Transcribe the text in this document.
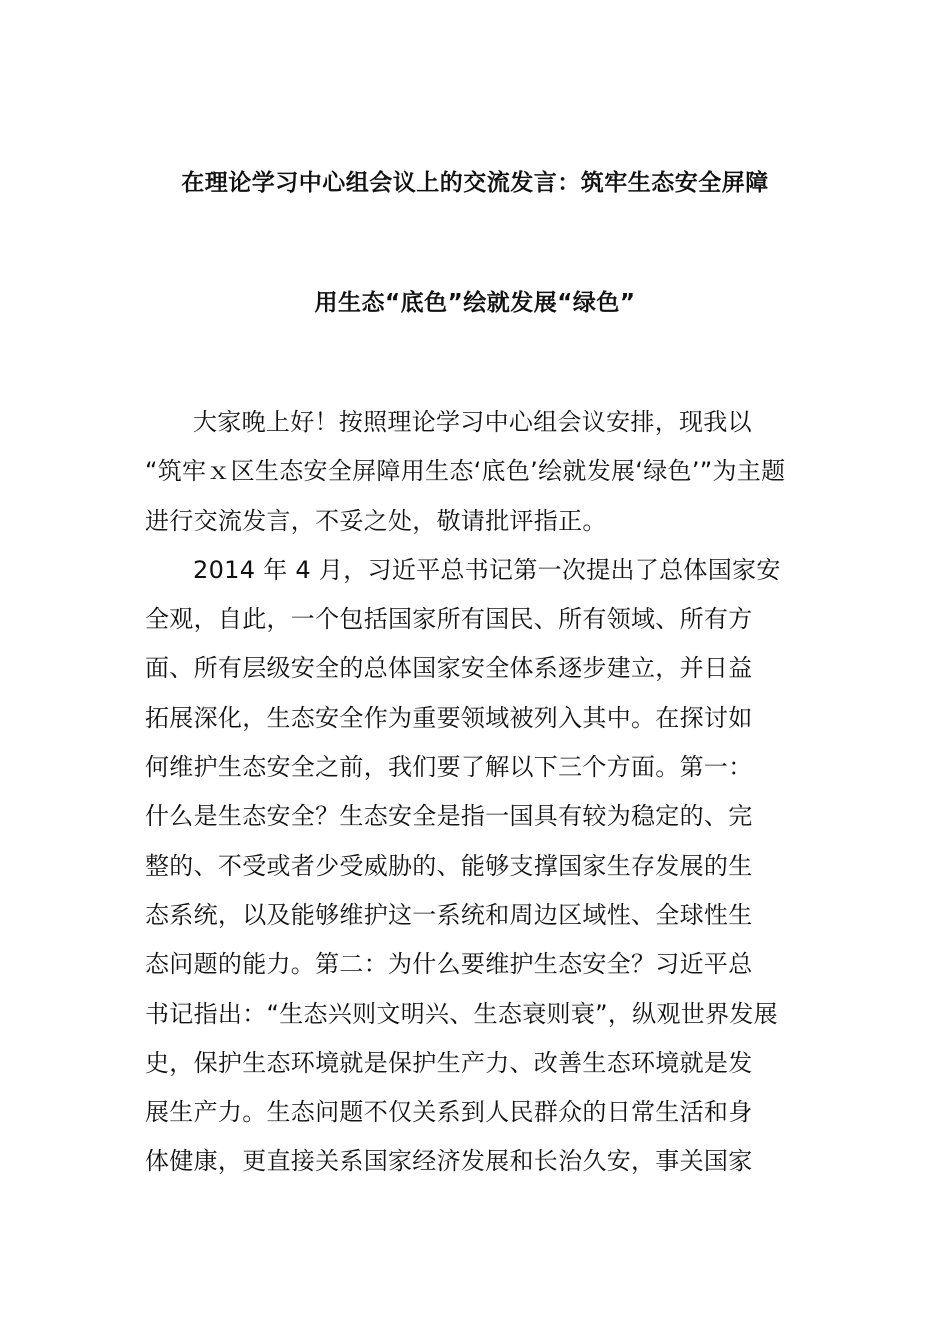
在理论学习中心组会议上的交流发言：筑牢生态安全屏障
用生态“底色”绘就发展“绿色”
大家晚上好！按照理论学习中心组会议安排，现我以
“筑牢ｘ区生态安全屏障用生态‘底色’绘就发展‘绿色’”为主题
进行交流发言，不妥之处，敬请批评指正。
2014 年 4 月，习近平总书记第一次提出了总体国家安
全观，自此，一个包括国家所有国民、所有领域、所有方
面、所有层级安全的总体国家安全体系逐步建立，并日益
拓展深化，生态安全作为重要领域被列入其中。在探讨如
何维护生态安全之前，我们要了解以下三个方面。第一：
什么是生态安全？生态安全是指一国具有较为稳定的、完
整的、不受或者少受威胁的、能够支撑国家生存发展的生
态系统，以及能够维护这一系统和周边区域性、全球性生
态问题的能力。第二：为什么要维护生态安全？习近平总
书记指出：“生态兴则文明兴、生态衰则衰”，纵观世界发展
史，保护生态环境就是保护生产力、改善生态环境就是发
展生产力。生态问题不仅关系到人民群众的日常生活和身
体健康，更直接关系国家经济发展和长治久安，事关国家
